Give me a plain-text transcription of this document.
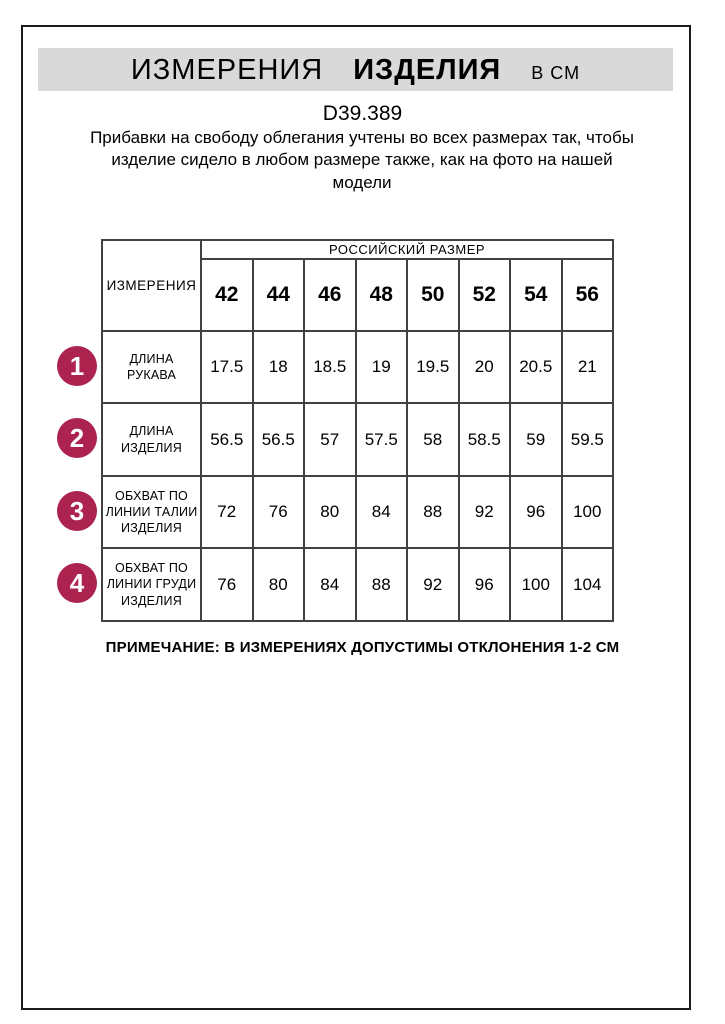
ИЗМЕРЕНИЯ ИЗДЕЛИЯ В СМ
D39.389
Прибавки на свободу облегания учтены во всех размерах так, чтобы изделие сидело в любом размере также, как на фото на нашей модели
ИЗМЕРЕНИЯ	РОССИЙСКИЙ РАЗМЕР							
	42	44	46	48	50	52	54	56
ДЛИНА РУКАВА	17.5	18	18.5	19	19.5	20	20.5	21
ДЛИНА ИЗДЕЛИЯ	56.5	56.5	57	57.5	58	58.5	59	59.5
ОБХВАТ ПО ЛИНИИ ТАЛИИ ИЗДЕЛИЯ	72	76	80	84	88	92	96	100
ОБХВАТ ПО ЛИНИИ ГРУДИ ИЗДЕЛИЯ	76	80	84	88	92	96	100	104
1
2
3
4
ПРИМЕЧАНИЕ: В ИЗМЕРЕНИЯХ ДОПУСТИМЫ ОТКЛОНЕНИЯ 1-2 СМ
